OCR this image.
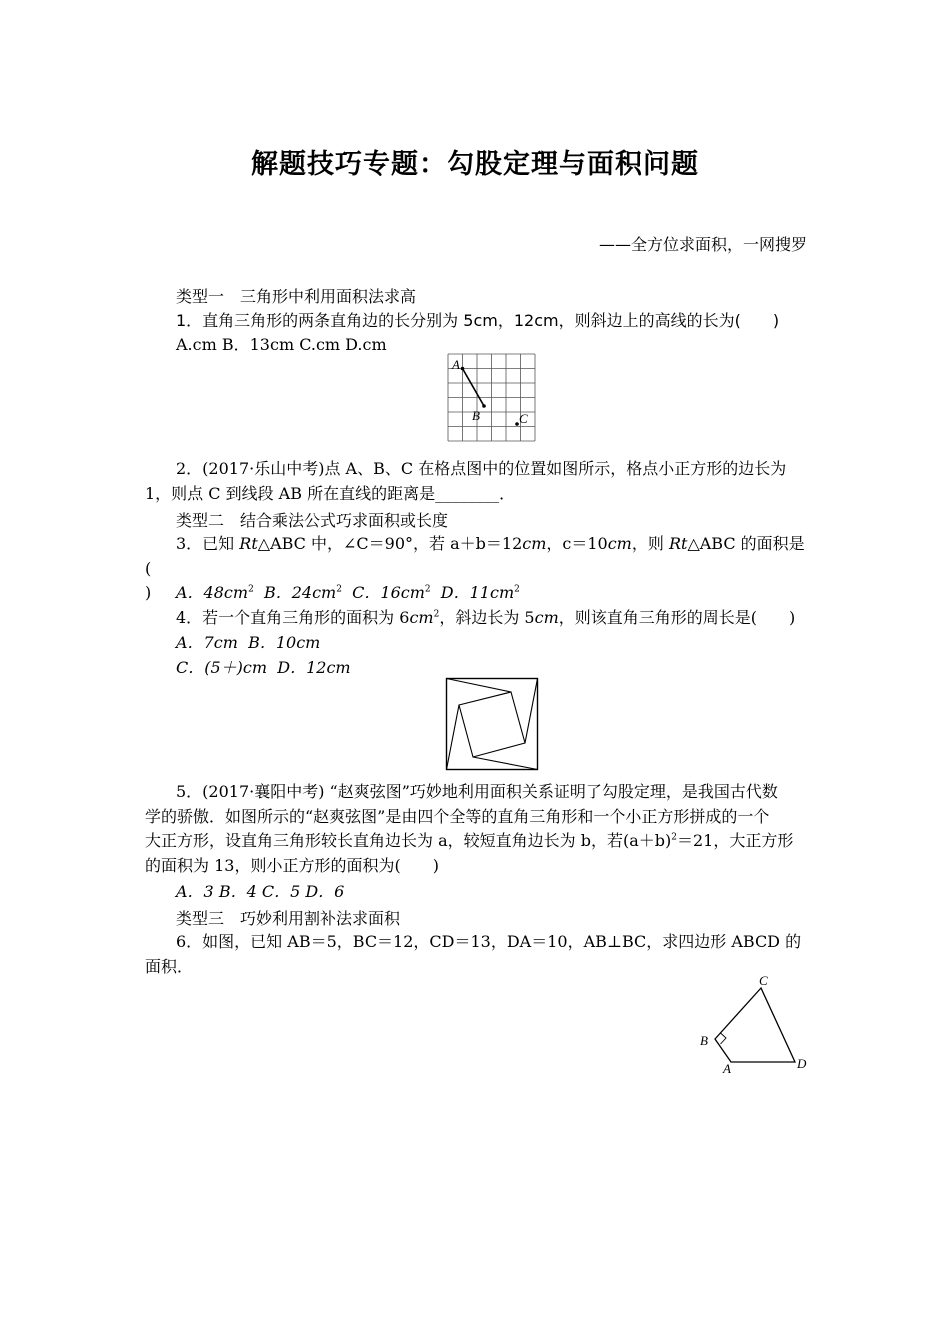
解题技巧专题：勾股定理与面积问题
——全方位求面积，一网搜罗
类型一　三角形中利用面积法求高
1．直角三角形的两条直角边的长分别为 5cm，12cm，则斜边上的高线的长为(　　)
A.cm B．13cm C.cm D.cm
A
B	C
2．(2017·乐山中考)点 A、B、C 在格点图中的位置如图所示，格点小正方形的边长为
1，则点 C 到线段 AB 所在直线的距离是________．
类型二　结合乘法公式巧求面积或长度
3．已知 Rt△ABC 中，∠C＝90°，若 a＋b＝12cm，c＝10cm，则 Rt△ABC 的面积是(
)	A．$48cm^2$ B．$24cm^2$ C．$16cm^2$ D．$11cm^2$
4．若一个直角三角形的面积为 $6cm^2$，斜边长为 5cm，则该直角三角形的周长是(　　)
A．7cm B．10cm
C．(5＋)cm D．12cm
5．(2017·襄阳中考) “赵爽弦图”巧妙地利用面积关系证明了勾股定理，是我国古代数
学的骄傲．如图所示的“赵爽弦图”是由四个全等的直角三角形和一个小正方形拼成的一个
大正方形，设直角三角形较长直角边长为 a，较短直角边长为 b，若$(a+b)^2=21$，大正方形
的面积为 13，则小正方形的面积为(　　)
A．3 B．4 C．5 D．6
类型三　巧妙利用割补法求面积
6．如图，已知 AB＝5，BC＝12，CD＝13，DA＝10，AB⊥BC，求四边形 ABCD 的
面积．
C
B
A	D
